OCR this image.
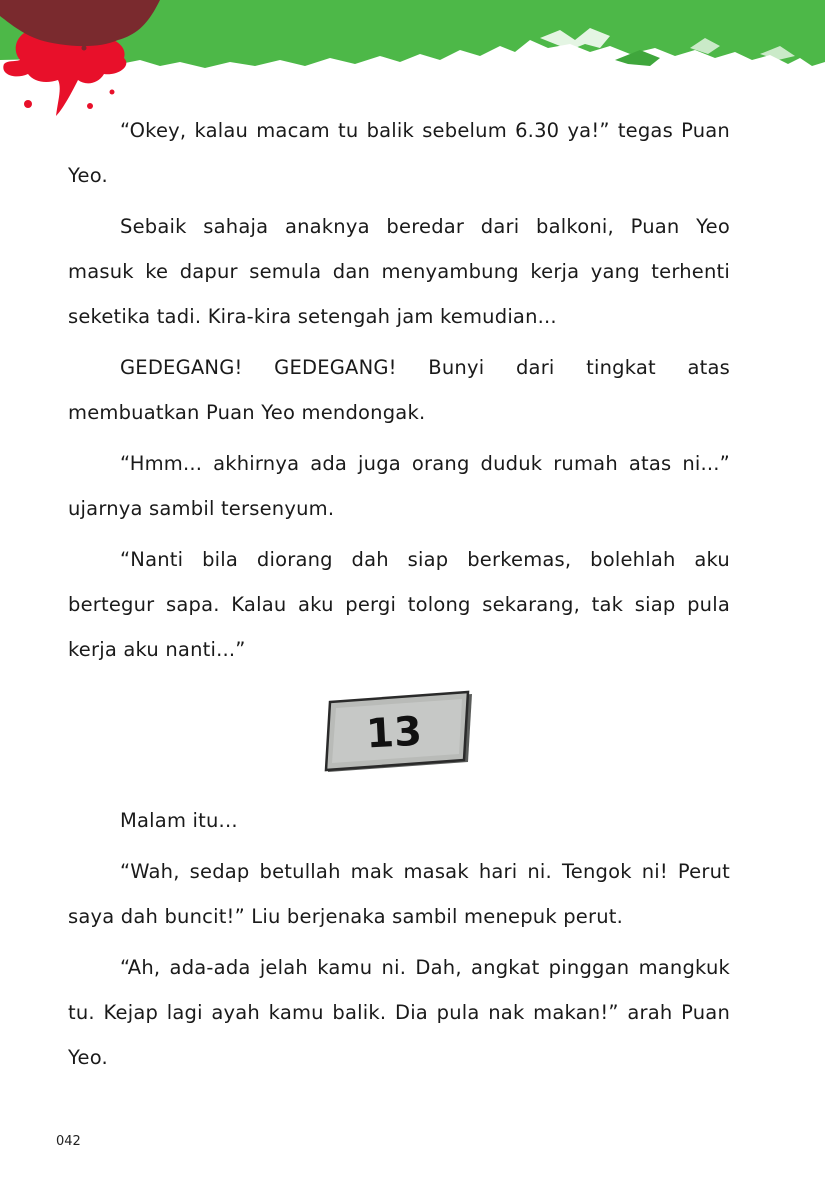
“Okey, kalau macam tu balik sebelum 6.30 ya!” tegas Puan Yeo.

Sebaik sahaja anaknya beredar dari balkoni, Puan Yeo masuk ke dapur semula dan menyambung kerja yang terhenti seketika tadi. Kira-kira setengah jam kemudian...

GEDEGANG! GEDEGANG! Bunyi dari tingkat atas membuatkan Puan Yeo mendongak.

“Hmm... akhirnya ada juga orang duduk rumah atas ni...” ujarnya sambil tersenyum.

“Nanti bila diorang dah siap berkemas, bolehlah aku bertegur sapa. Kalau aku pergi tolong sekarang, tak siap pula kerja aku nanti...”

13

Malam itu...

“Wah, sedap betullah mak masak hari ni. Tengok ni! Perut saya dah buncit!” Liu berjenaka sambil menepuk perut.

“Ah, ada-ada jelah kamu ni. Dah, angkat pinggan mangkuk tu. Kejap lagi ayah kamu balik. Dia pula nak makan!” arah Puan Yeo.

042
